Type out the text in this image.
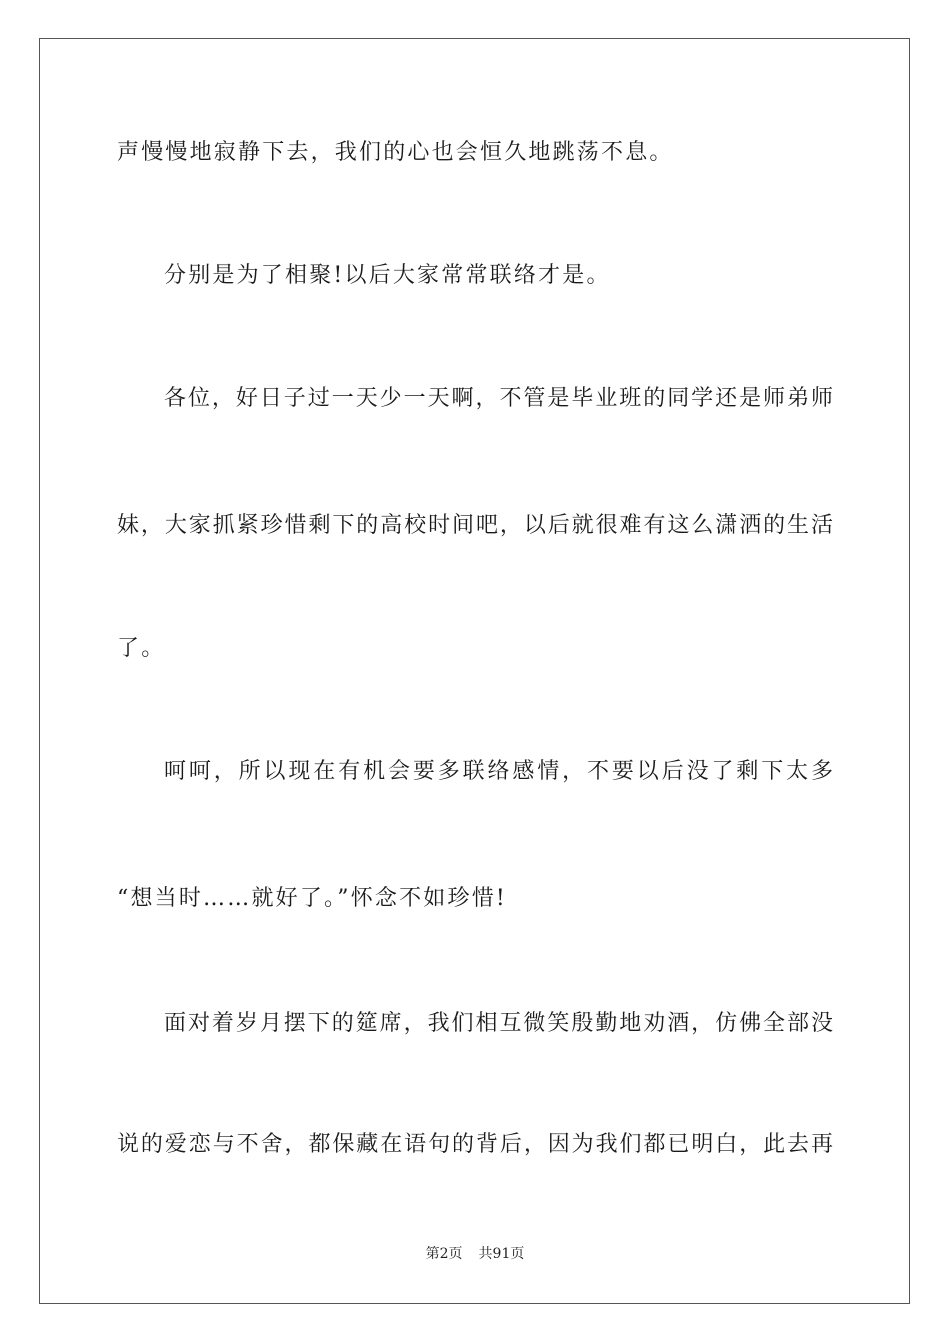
声慢慢地寂静下去，我们的心也会恒久地跳荡不息。
分别是为了相聚!以后大家常常联络才是。
各位，好日子过一天少一天啊，不管是毕业班的同学还是师弟师
妹，大家抓紧珍惜剩下的高校时间吧，以后就很难有这么潇洒的生活
了。
呵呵，所以现在有机会要多联络感情，不要以后没了剩下太多
“想当时……就好了。”怀念不如珍惜!
面对着岁月摆下的筵席，我们相互微笑殷勤地劝酒，仿佛全部没
说的爱恋与不舍，都保藏在语句的背后，因为我们都已明白，此去再
第2页 共91页
